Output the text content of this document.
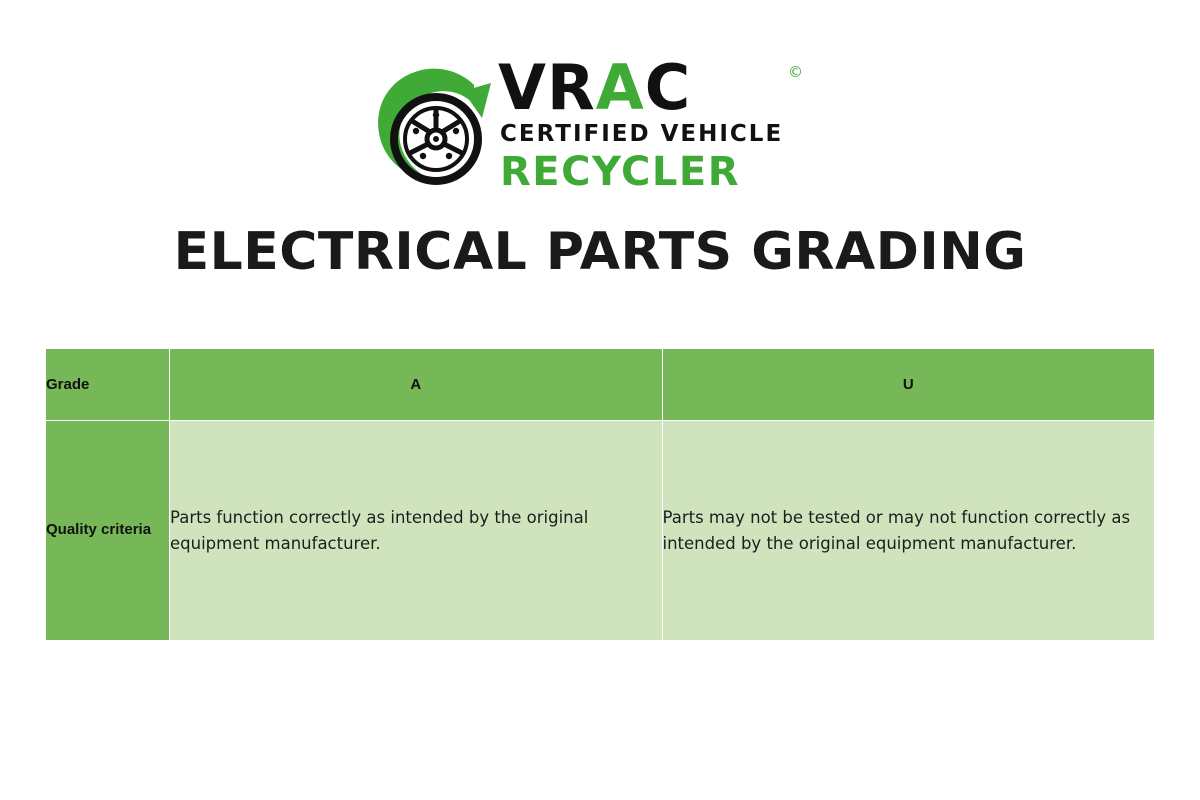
VRAC	©
CERTIFIED VEHICLE
RECYCLER
ELECTRICAL PARTS GRADING
Grade	A	U
Quality criteria	Parts function correctly as intended by the original equipment manufacturer.	Parts may not be tested or may not function correctly as intended by the original equipment manufacturer.
